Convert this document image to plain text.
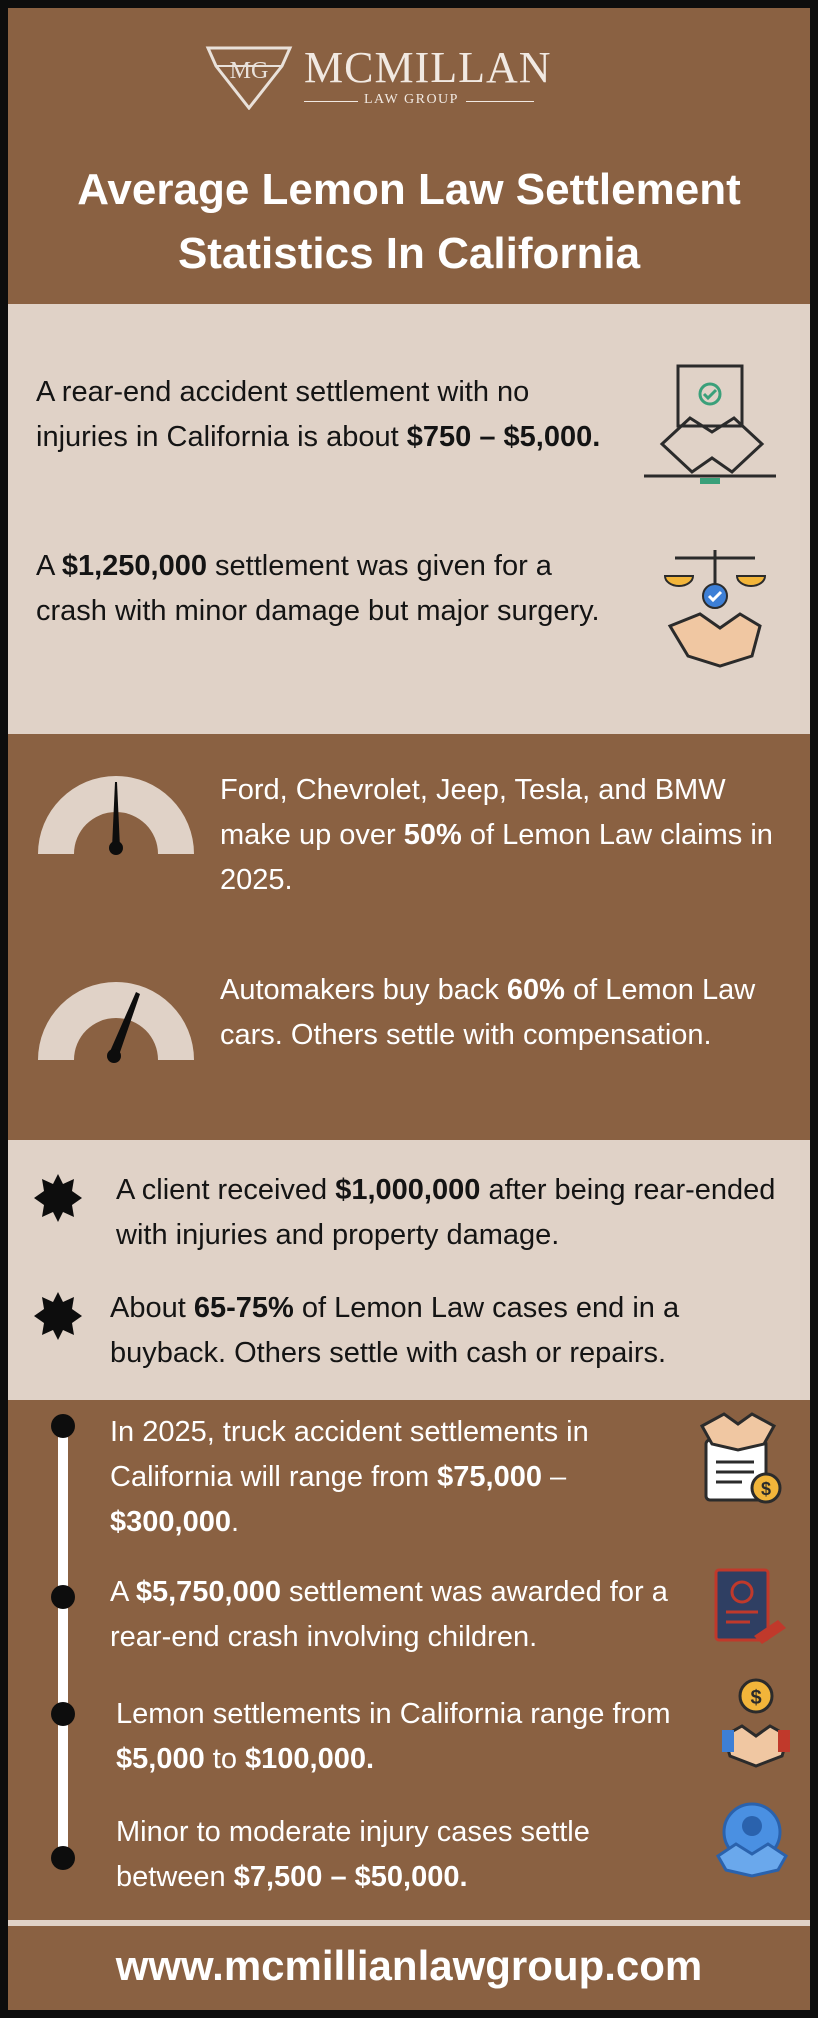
MG MCMILLAN
LAW GROUP
Average Lemon Law Settlement
Statistics In California
A rear-end accident settlement with no injuries in California is about $750 – $5,000.
A $1,250,000 settlement was given for a crash with minor damage but major surgery.
Ford, Chevrolet, Jeep, Tesla, and BMW make up over 50% of Lemon Law claims in 2025.
Automakers buy back 60% of Lemon Law cars. Others settle with compensation.
A client received $1,000,000 after being rear-ended with injuries and property damage.
About 65-75% of Lemon Law cases end in a buyback. Others settle with cash or repairs.
In 2025, truck accident settlements in California will range from $75,000 – $300,000.
$
A $5,750,000 settlement was awarded for a rear-end crash involving children.
Lemon settlements in California range from $5,000 to $100,000.
$
Minor to moderate injury cases settle between $7,500 – $50,000.
www.mcmillianlawgroup.com
